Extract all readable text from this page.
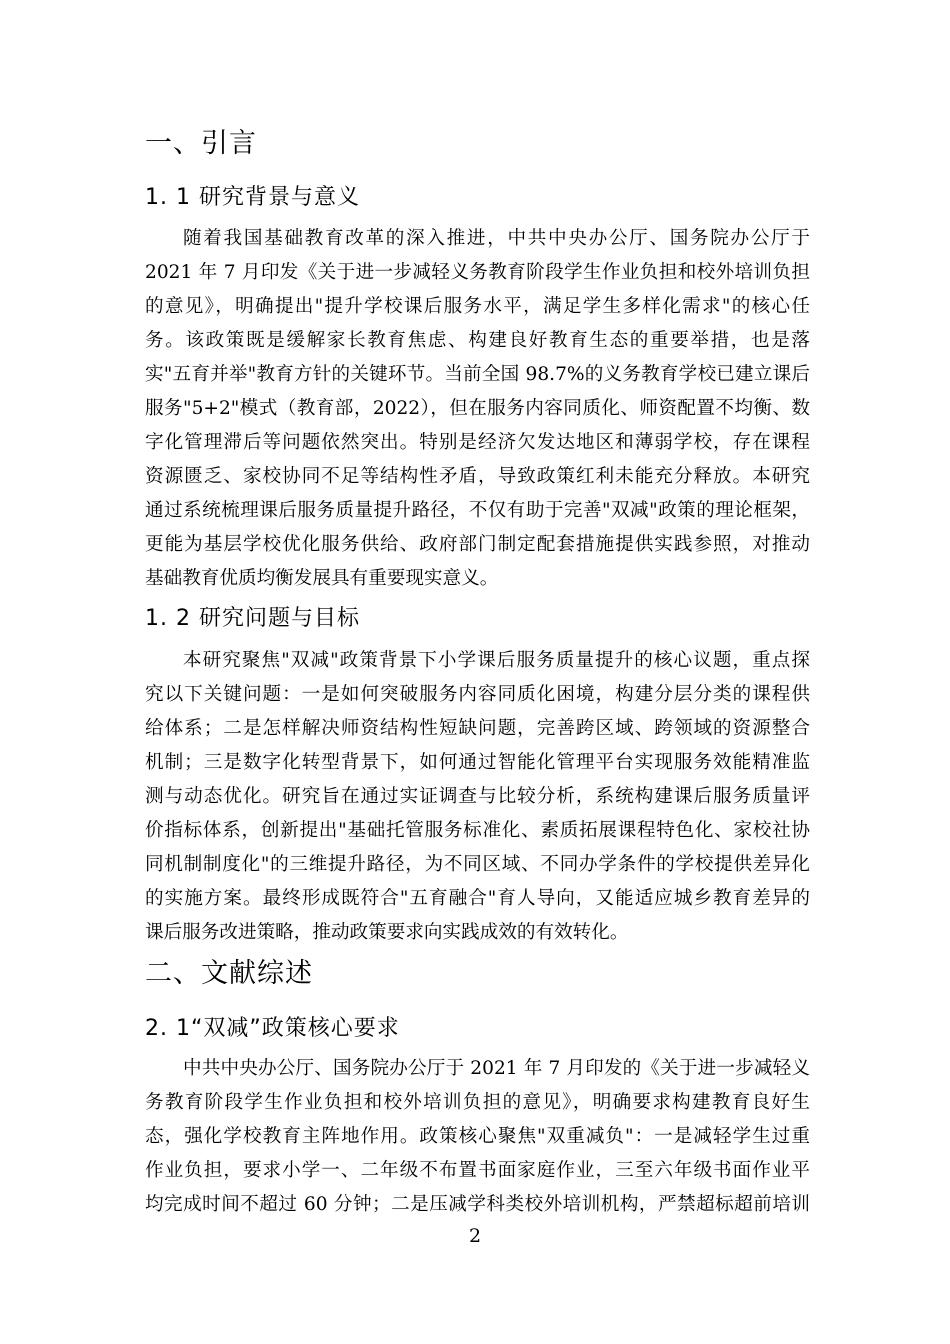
一、引言
1. 1 研究背景与意义
随着我国基础教育改革的深入推进，中共中央办公厅、国务院办公厅于
2021 年 7 月印发《关于进一步减轻义务教育阶段学生作业负担和校外培训负担
的意见》，明确提出"提升学校课后服务水平，满足学生多样化需求"的核心任
务。该政策既是缓解家长教育焦虑、构建良好教育生态的重要举措，也是落
实"五育并举"教育方针的关键环节。当前全国 98.7%的义务教育学校已建立课后
服务"5+2"模式（教育部，2022），但在服务内容同质化、师资配置不均衡、数
字化管理滞后等问题依然突出。特别是经济欠发达地区和薄弱学校，存在课程
资源匮乏、家校协同不足等结构性矛盾，导致政策红利未能充分释放。本研究
通过系统梳理课后服务质量提升路径，不仅有助于完善"双减"政策的理论框架，
更能为基层学校优化服务供给、政府部门制定配套措施提供实践参照，对推动
基础教育优质均衡发展具有重要现实意义。
1. 2 研究问题与目标
本研究聚焦"双减"政策背景下小学课后服务质量提升的核心议题，重点探
究以下关键问题：一是如何突破服务内容同质化困境，构建分层分类的课程供
给体系；二是怎样解决师资结构性短缺问题，完善跨区域、跨领域的资源整合
机制；三是数字化转型背景下，如何通过智能化管理平台实现服务效能精准监
测与动态优化。研究旨在通过实证调查与比较分析，系统构建课后服务质量评
价指标体系，创新提出"基础托管服务标准化、素质拓展课程特色化、家校社协
同机制制度化"的三维提升路径，为不同区域、不同办学条件的学校提供差异化
的实施方案。最终形成既符合"五育融合"育人导向，又能适应城乡教育差异的
课后服务改进策略，推动政策要求向实践成效的有效转化。
二、文献综述
2. 1“双减”政策核心要求
中共中央办公厅、国务院办公厅于 2021 年 7 月印发的《关于进一步减轻义
务教育阶段学生作业负担和校外培训负担的意见》，明确要求构建教育良好生
态，强化学校教育主阵地作用。政策核心聚焦"双重减负"：一是减轻学生过重
作业负担，要求小学一、二年级不布置书面家庭作业，三至六年级书面作业平
均完成时间不超过 60 分钟；二是压减学科类校外培训机构，严禁超标超前培训
2
